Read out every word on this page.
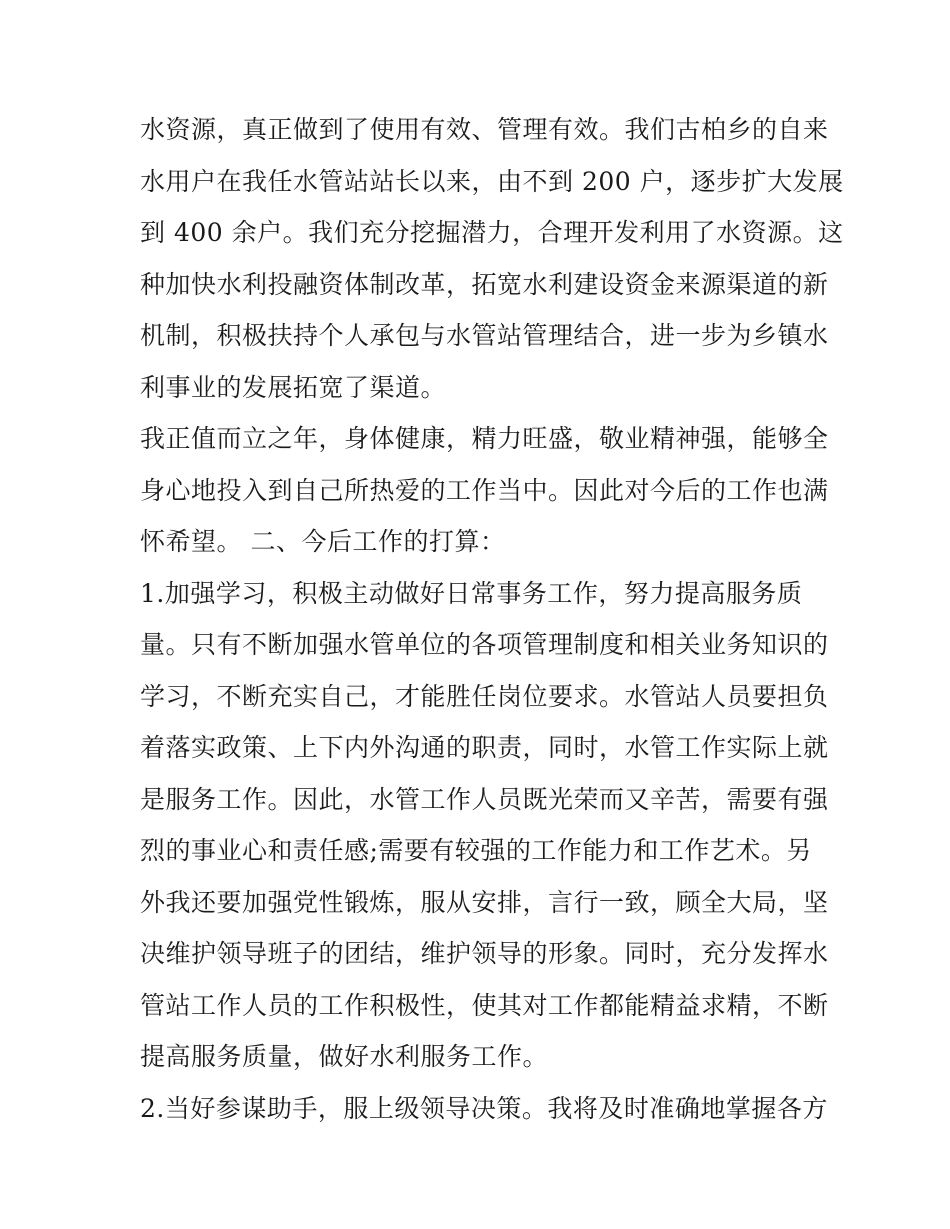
水资源，真正做到了使用有效、管理有效。我们古柏乡的自来
水用户在我任水管站站长以来，由不到 200 户，逐步扩大发展
到 400 余户。我们充分挖掘潜力，合理开发利用了水资源。这
种加快水利投融资体制改革，拓宽水利建设资金来源渠道的新
机制，积极扶持个人承包与水管站管理结合，进一步为乡镇水
利事业的发展拓宽了渠道。
我正值而立之年，身体健康，精力旺盛，敬业精神强，能够全
身心地投入到自己所热爱的工作当中。因此对今后的工作也满
怀希望。 二、今后工作的打算：
1.加强学习，积极主动做好日常事务工作，努力提高服务质
量。只有不断加强水管单位的各项管理制度和相关业务知识的
学习，不断充实自己，才能胜任岗位要求。水管站人员要担负
着落实政策、上下内外沟通的职责，同时，水管工作实际上就
是服务工作。因此，水管工作人员既光荣而又辛苦，需要有强
烈的事业心和责任感;需要有较强的工作能力和工作艺术。另
外我还要加强党性锻炼，服从安排，言行一致，顾全大局，坚
决维护领导班子的团结，维护领导的形象。同时，充分发挥水
管站工作人员的工作积极性，使其对工作都能精益求精，不断
提高服务质量，做好水利服务工作。
2.当好参谋助手，服上级领导决策。我将及时准确地掌握各方
